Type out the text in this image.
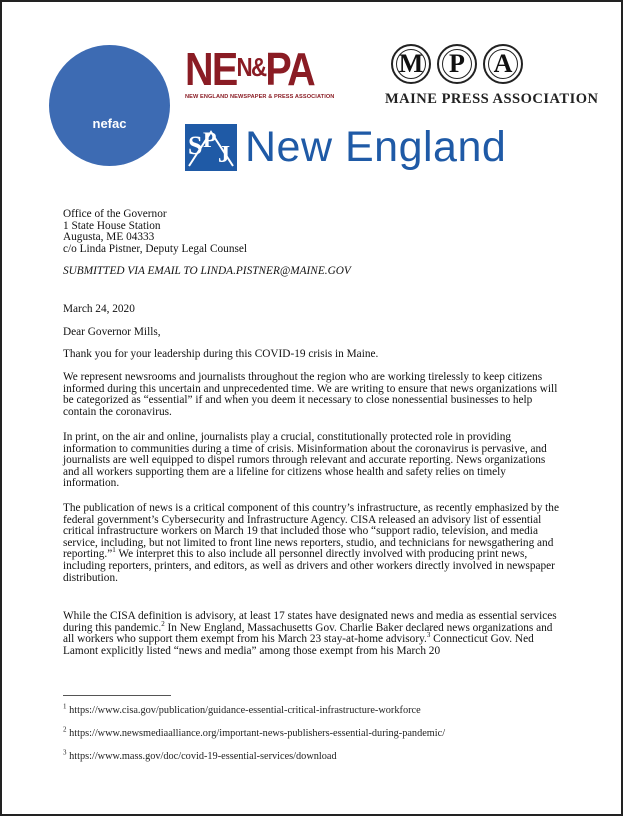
nefac
$NE^{N\&}PA$
NEW ENGLAND NEWSPAPER & PRESS ASSOCIATION
M P	A
MAINE PRESS ASSOCIATION
S P
J New England

Office of the Governor

1 State House Station

Augusta, ME 04333

c/o Linda Pistner, Deputy Legal Counsel

SUBMITTED VIA EMAIL TO LINDA.PISTNER@MAINE.GOV
March 24, 2020
Dear Governor Mills,
Thank you for your leadership during this COVID-19 crisis in Maine.
We represent newsrooms and journalists throughout the region who are working tirelessly to keep citizens informed during this uncertain and unprecedented time. We are writing to ensure that news organizations will be categorized as “essential” if and when you deem it necessary to close nonessential businesses to help contain the coronavirus.
In print, on the air and online, journalists play a crucial, constitutionally protected role in providing information to communities during a time of crisis. Misinformation about the coronavirus is pervasive, and journalists are well equipped to dispel rumors through relevant and accurate reporting. News organizations and all workers supporting them are a lifeline for citizens whose health and safety relies on timely information.
The publication of news is a critical component of this country’s infrastructure, as recently emphasized by the federal government’s Cybersecurity and Infrastructure Agency. CISA released an advisory list of essential critical infrastructure workers on March 19 that included those who “support radio, television, and media service, including, but not limited to front line news reporters, studio, and technicians for newsgathering and reporting.”$^1$ We interpret this to also include all personnel directly involved with producing print news, including reporters, printers, and editors, as well as drivers and other workers directly involved in newspaper distribution.
While the CISA definition is advisory, at least 17 states have designated news and media as essential services during this pandemic.$^2$ In New England, Massachusetts Gov. Charlie Baker declared news organizations and all workers who support them exempt from his March 23 stay-at-home advisory.$^3$ Connecticut Gov. Ned Lamont explicitly listed “news and media” among those exempt from his March 20
$^1$ https://www.cisa.gov/publication/guidance-essential-critical-infrastructure-workforce
$^2$ https://www.newsmediaalliance.org/important-news-publishers-essential-during-pandemic/
$^3$ https://www.mass.gov/doc/covid-19-essential-services/download
